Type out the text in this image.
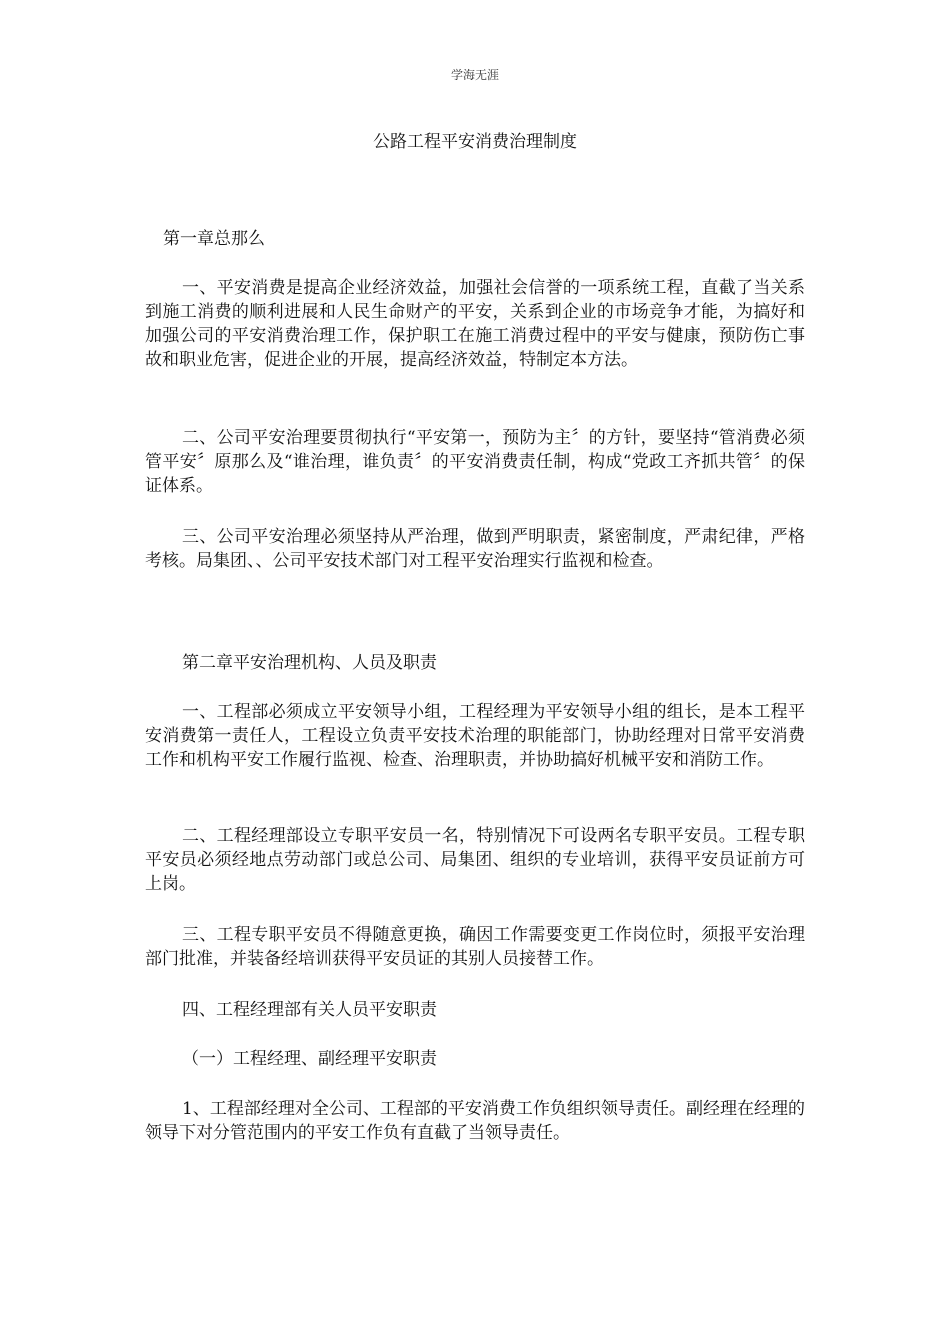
学海无涯
公路工程平安消费治理制度

第一章总那么

一、平安消费是提高企业经济效益，加强社会信誉的一项系统工程，直截了当关系到施工消费的顺利进展和人民生命财产的平安，关系到企业的市场竞争才能，为搞好和加强公司的平安消费治理工作，保护职工在施工消费过程中的平安与健康，预防伤亡事故和职业危害，促进企业的开展，提高经济效益，特制定本方法。

二、公司平安治理要贯彻执行“平安第一，预防为主〞的方针，要坚持“管消费必须管平安〞原那么及“谁治理，谁负责〞的平安消费责任制，构成“党政工齐抓共管〞的保证体系。

三、公司平安治理必须坚持从严治理，做到严明职责，紧密制度，严肃纪律，严格考核。局集团、、公司平安技术部门对工程平安治理实行监视和检查。

第二章平安治理机构、人员及职责

一、工程部必须成立平安领导小组，工程经理为平安领导小组的组长，是本工程平安消费第一责任人，工程设立负责平安技术治理的职能部门，协助经理对日常平安消费工作和机构平安工作履行监视、检查、治理职责，并协助搞好机械平安和消防工作。

二、工程经理部设立专职平安员一名，特别情况下可设两名专职平安员。工程专职平安员必须经地点劳动部门或总公司、局集团、组织的专业培训，获得平安员证前方可上岗。

三、工程专职平安员不得随意更换，确因工作需要变更工作岗位时，须报平安治理部门批准，并装备经培训获得平安员证的其别人员接替工作。

四、工程经理部有关人员平安职责

（一）工程经理、副经理平安职责

1、工程部经理对全公司、工程部的平安消费工作负组织领导责任。副经理在经理的领导下对分管范围内的平安工作负有直截了当领导责任。
